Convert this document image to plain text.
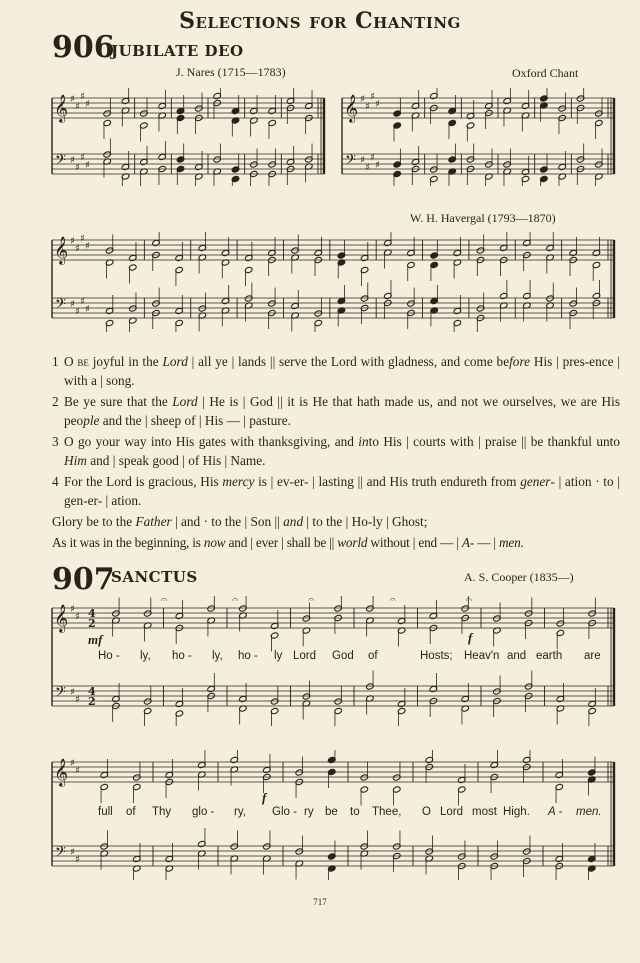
Selections for Chanting
906
JUBILATE DEO
J. Nares (1715—1783)	Oxford Chant
W. H. Havergal (1793—1870)
𝄞
𝄢
♯
♯
♯
♯
♯
♯
♯
♯
𝄞
𝄢
♯
♯
♯
♯
♯
♯
♯
♯
𝄞
𝄢
♯
♯
♯
♯
♯
♯
♯
♯

1 O be joyful in the Lord | all ye | lands || serve the Lord with gladness, and come before His | pres-ence | with a | song.

2 Be ye sure that the Lord | He is | God || it is He that hath made us, and not we ourselves, we are His people and the | sheep of | His — | pasture.

3 O go your way into His gates with thanksgiving, and into His | courts with | praise || be thankful unto Him and | speak good | of His | Name.

4 For the Lord is gracious, His mercy is | ev-er- | lasting || and His truth endureth from gener- | ation · to | gen-er- | ation.

Glory be to the Father | and · to the | Son || and | to the | Ho-ly | Ghost;

As it was in the beginning, is now and | ever | shall be || world without | end — | A- — | men.

907
SANCTUS	A. S. Cooper (1835—)
𝄞
𝄢
♯
♯
♯
♯
4
2
4
2
𝄐	𝄐	𝄐	𝄐	𝄐
𝄞
𝄢
♯
♯
♯
♯
mf	f
f
Ho - ly, ho - ly, ho - ly Lord God of	Hosts; Heav'n and earth are
full of Thy glo - ry, Glo - ry be to Thee, O Lord most High. A - men.
717
